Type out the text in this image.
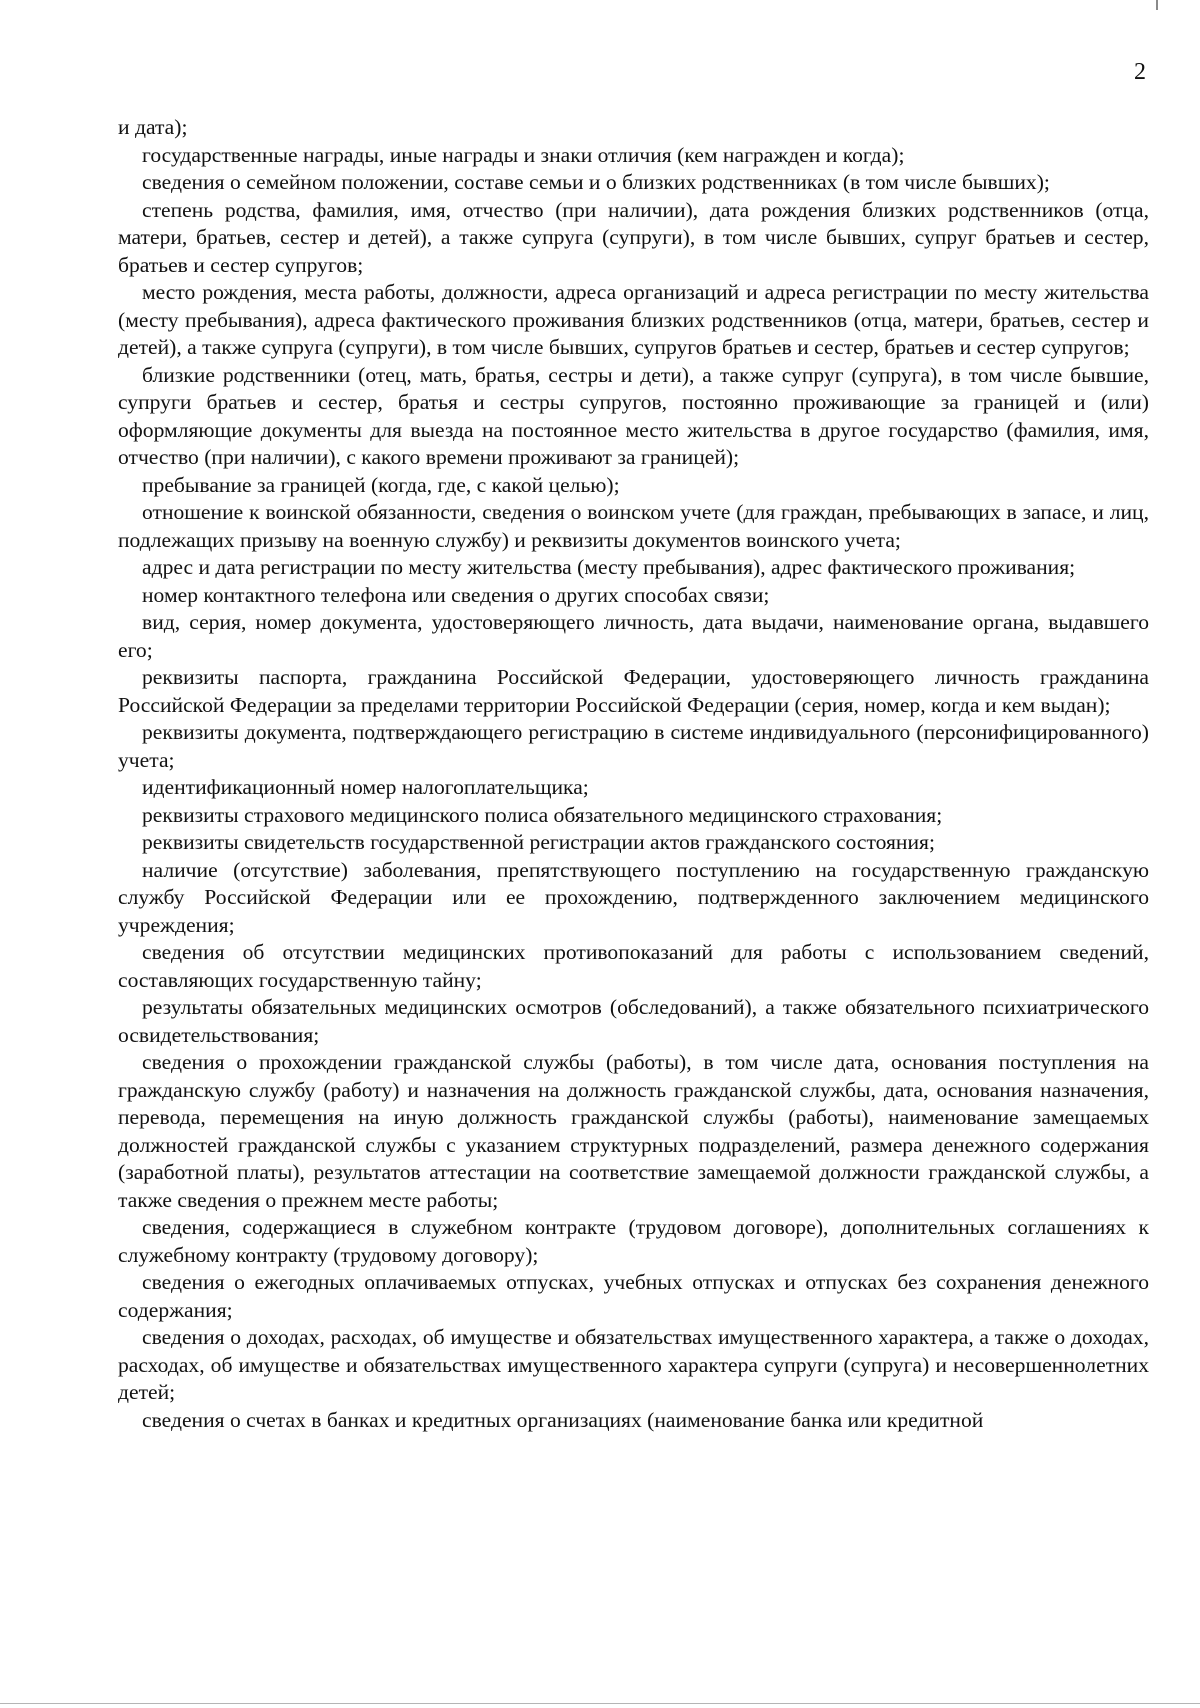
2

и дата);

государственные награды, иные награды и знаки отличия (кем награжден и когда);

сведения о семейном положении, составе семьи и о близких родственниках (в том числе бывших);

степень родства, фамилия, имя, отчество (при наличии), дата рождения близких родственников (отца, матери, братьев, сестер и детей), а также супруга (супруги), в том числе бывших, супруг братьев и сестер, братьев и сестер супругов;

место рождения, места работы, должности, адреса организаций и адреса регистрации по месту жительства (месту пребывания), адреса фактического проживания близких родственников (отца, матери, братьев, сестер и детей), а также супруга (супруги), в том числе бывших, супругов братьев и сестер, братьев и сестер супругов;

близкие родственники (отец, мать, братья, сестры и дети), а также супруг (супруга), в том числе бывшие, супруги братьев и сестер, братья и сестры супругов, постоянно проживающие за границей и (или) оформляющие документы для выезда на постоянное место жительства в другое государство (фамилия, имя, отчество (при наличии), с какого времени проживают за границей);

пребывание за границей (когда, где, с какой целью);

отношение к воинской обязанности, сведения о воинском учете (для граждан, пребывающих в запасе, и лиц, подлежащих призыву на военную службу) и реквизиты документов воинского учета;

адрес и дата регистрации по месту жительства (месту пребывания), адрес фактического проживания;

номер контактного телефона или сведения о других способах связи;

вид, серия, номер документа, удостоверяющего личность, дата выдачи, наименование органа, выдавшего его;

реквизиты паспорта, гражданина Российской Федерации, удостоверяющего личность гражданина Российской Федерации за пределами территории Российской Федерации (серия, номер, когда и кем выдан);

реквизиты документа, подтверждающего регистрацию в системе индивидуального (персонифицированного) учета;

идентификационный номер налогоплательщика;

реквизиты страхового медицинского полиса обязательного медицинского страхования;

реквизиты свидетельств государственной регистрации актов гражданского состояния;

наличие (отсутствие) заболевания, препятствующего поступлению на государственную гражданскую службу Российской Федерации или ее прохождению, подтвержденного заключением медицинского учреждения;

сведения об отсутствии медицинских противопоказаний для работы с использованием сведений, составляющих государственную тайну;

результаты обязательных медицинских осмотров (обследований), а также обязательного психиатрического освидетельствования;

сведения о прохождении гражданской службы (работы), в том числе дата, основания поступления на гражданскую службу (работу) и назначения на должность гражданской службы, дата, основания назначения, перевода, перемещения на иную должность гражданской службы (работы), наименование замещаемых должностей гражданской службы с указанием структурных подразделений, размера денежного содержания (заработной платы), результатов аттестации на соответствие замещаемой должности гражданской службы, а также сведения о прежнем месте работы;

сведения, содержащиеся в служебном контракте (трудовом договоре), дополнительных соглашениях к служебному контракту (трудовому договору);

сведения о ежегодных оплачиваемых отпусках, учебных отпусках и отпусках без сохранения денежного содержания;

сведения о доходах, расходах, об имуществе и обязательствах имущественного характера, а также о доходах, расходах, об имуществе и обязательствах имущественного характера супруги (супруга) и несовершеннолетних детей;

сведения о счетах в банках и кредитных организациях (наименование банка или кредитной
